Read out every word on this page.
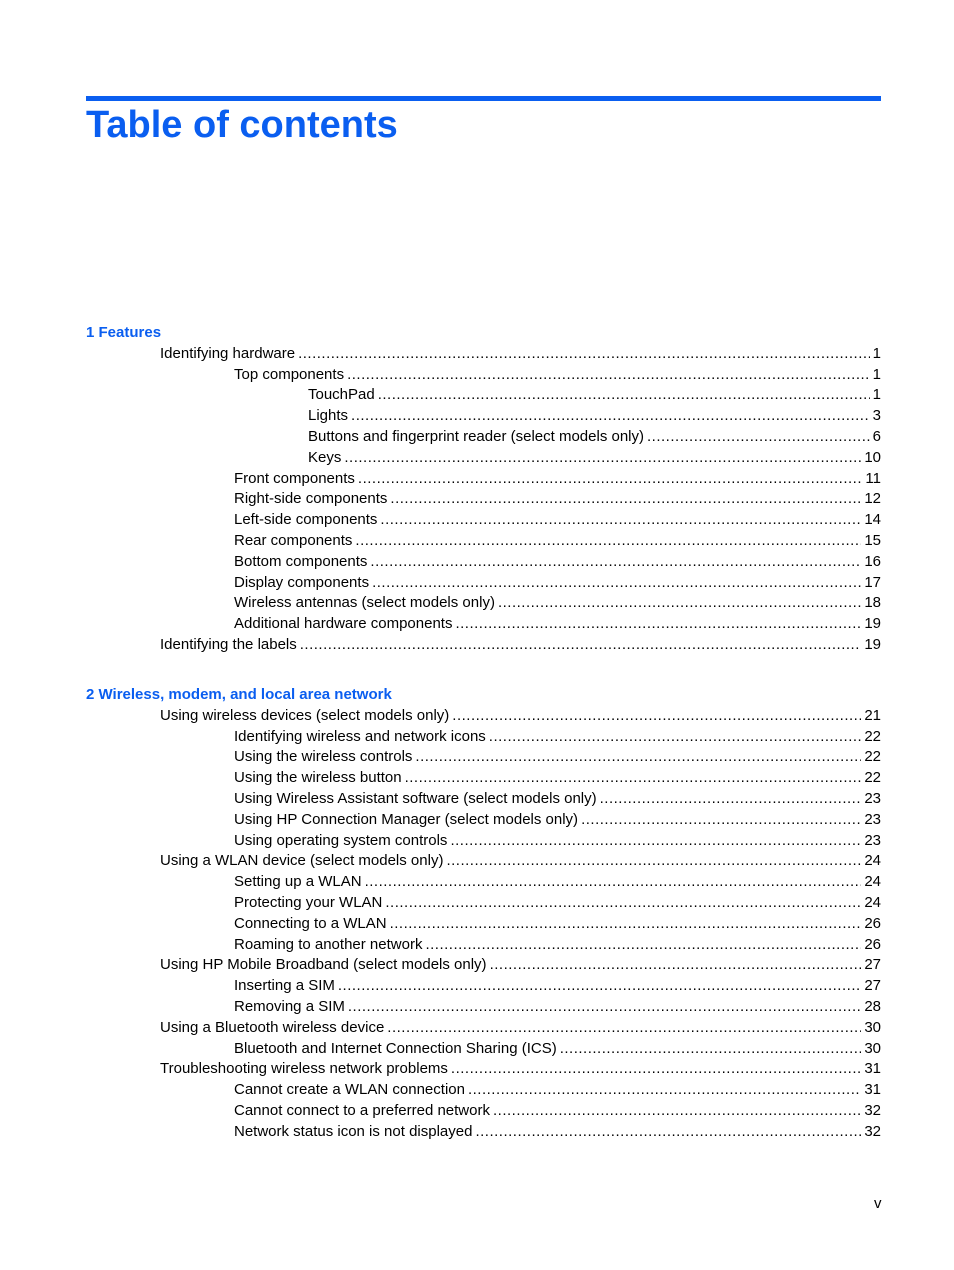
Table of contents
1 Features
Identifying hardware .....	1
Top components .....	1
TouchPad .....	1
Lights .....	3
Buttons and fingerprint reader (select models only) .....	6
Keys .....	10
Front components .....	11
Right-side components .....	12
Left-side components .....	14
Rear components .....	15
Bottom components .....	16
Display components .....	17
Wireless antennas (select models only) .....	18
Additional hardware components .....	19
Identifying the labels .....	19
2 Wireless, modem, and local area network
Using wireless devices (select models only) .....	21
Identifying wireless and network icons .....	22
Using the wireless controls .....	22
Using the wireless button .....	22
Using Wireless Assistant software (select models only) .....	23
Using HP Connection Manager (select models only) .....	23
Using operating system controls .....	23
Using a WLAN device (select models only) .....	24
Setting up a WLAN .....	24
Protecting your WLAN .....	24
Connecting to a WLAN .....	26
Roaming to another network .....	26
Using HP Mobile Broadband (select models only) .....	27
Inserting a SIM .....	27
Removing a SIM .....	28
Using a Bluetooth wireless device .....	30
Bluetooth and Internet Connection Sharing (ICS) .....	30
Troubleshooting wireless network problems .....	31
Cannot create a WLAN connection .....	31
Cannot connect to a preferred network .....	32
Network status icon is not displayed .....	32
v
